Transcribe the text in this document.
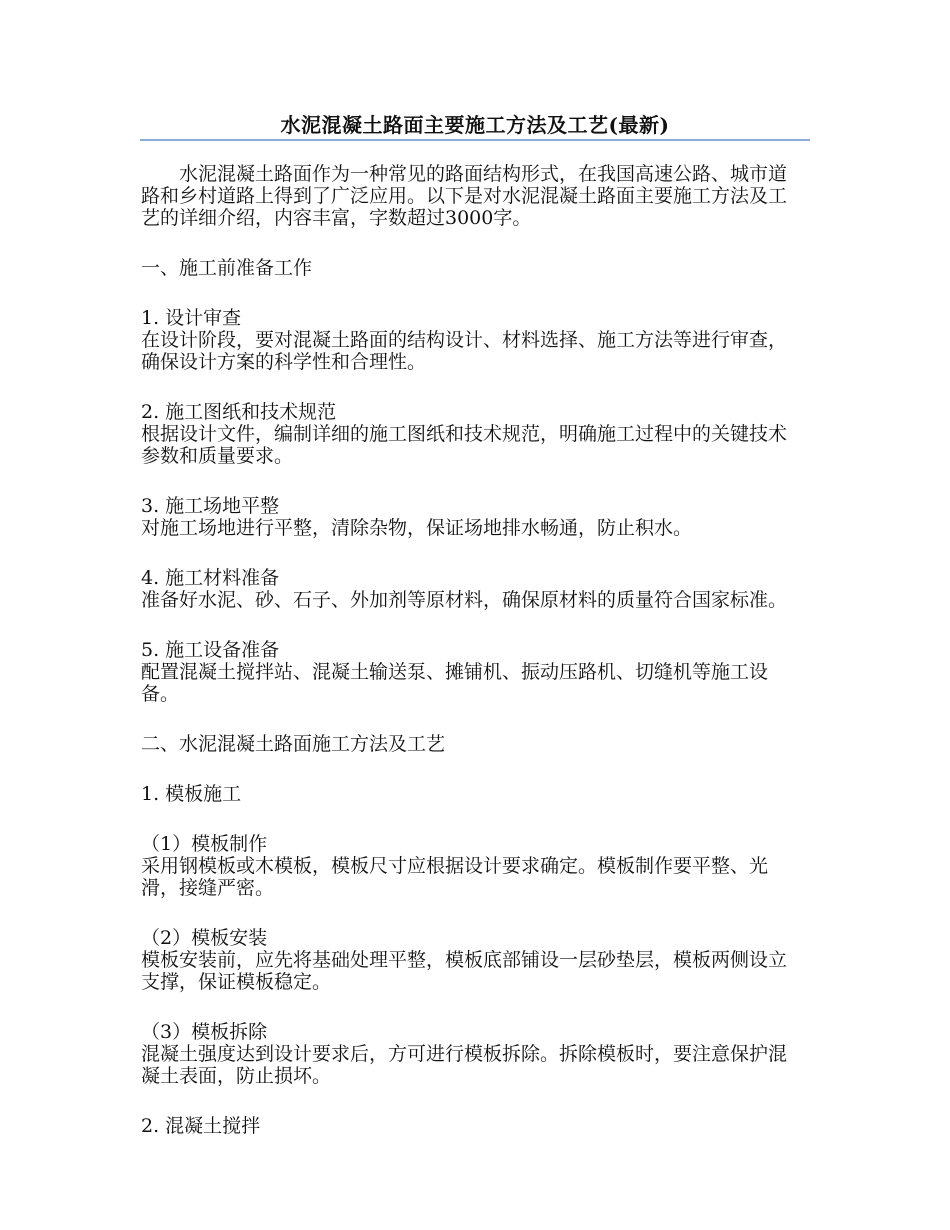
水泥混凝土路面主要施工方法及工艺(最新)

水泥混凝土路面作为一种常见的路面结构形式，在我国高速公路、城市道路和乡村道路上得到了广泛应用。以下是对水泥混凝土路面主要施工方法及工艺的详细介绍，内容丰富，字数超过3000字。

一、施工前准备工作

1. 设计审查

在设计阶段，要对混凝土路面的结构设计、材料选择、施工方法等进行审查，确保设计方案的科学性和合理性。

2. 施工图纸和技术规范

根据设计文件，编制详细的施工图纸和技术规范，明确施工过程中的关键技术参数和质量要求。

3. 施工场地平整

对施工场地进行平整，清除杂物，保证场地排水畅通，防止积水。

4. 施工材料准备

准备好水泥、砂、石子、外加剂等原材料，确保原材料的质量符合国家标准。

5. 施工设备准备

配置混凝土搅拌站、混凝土输送泵、摊铺机、振动压路机、切缝机等施工设备。

二、水泥混凝土路面施工方法及工艺

1. 模板施工

（1）模板制作

采用钢模板或木模板，模板尺寸应根据设计要求确定。模板制作要平整、光滑，接缝严密。

（2）模板安装

模板安装前，应先将基础处理平整，模板底部铺设一层砂垫层，模板两侧设立支撑，保证模板稳定。

（3）模板拆除

混凝土强度达到设计要求后，方可进行模板拆除。拆除模板时，要注意保护混凝土表面，防止损坏。

2. 混凝土搅拌
